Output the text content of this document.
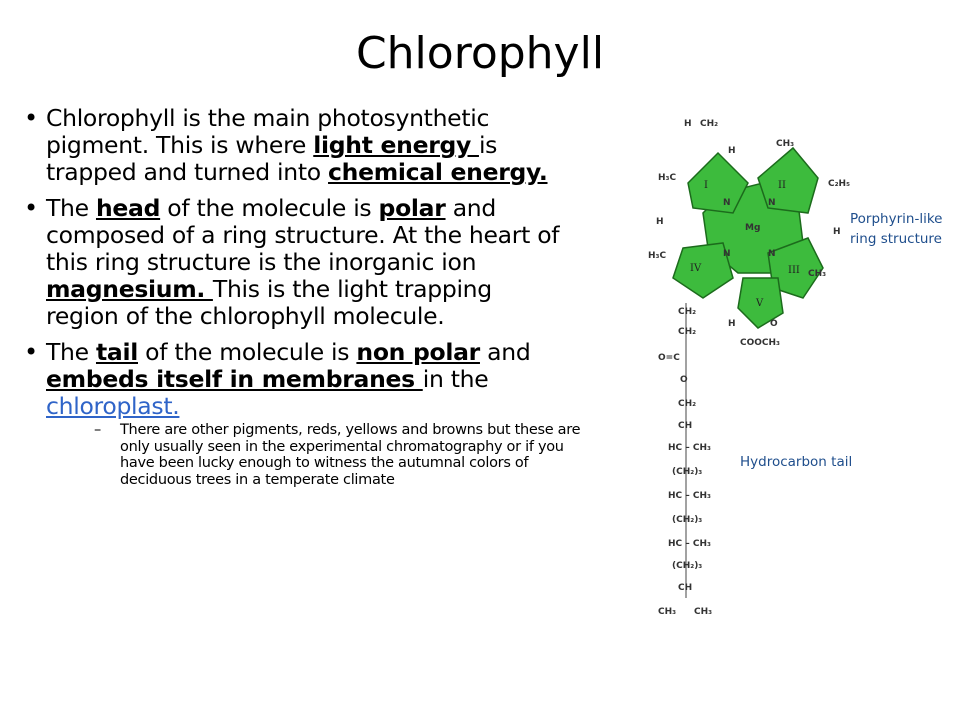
Chlorophyll
• Chlorophyll is the main photosynthetic pigment. This is where light energy is trapped and turned into chemical energy.
• The head of the molecule is polar and composed of a ring structure. At the heart of this ring structure is the inorganic ion magnesium. This is the light trapping region of the chlorophyll molecule.
• The tail of the molecule is non polar and embeds itself in membranes in the chloroplast.
– There are other pigments, reds, yellows and browns but these are only usually seen in the experimental chromatography or if you have been lucky enough to witness the autumnal colors of deciduous trees in a temperate climate
I	II
III
IV
V
Mg
N	N
N	N
H CH₂
H₃C
H
H
CH₃
C₂H₅
H
H₃C
CH₃
O
H
COOCH₃
CH₂
CH₂
O=C
O
CH₂
CH
HC – CH₃
(CH₂)₃
HC – CH₃
(CH₂)₃
HC – CH₃
(CH₂)₃
CH
CH₃ CH₃
Porphyrin-like
ring structure
Hydrocarbon tail
